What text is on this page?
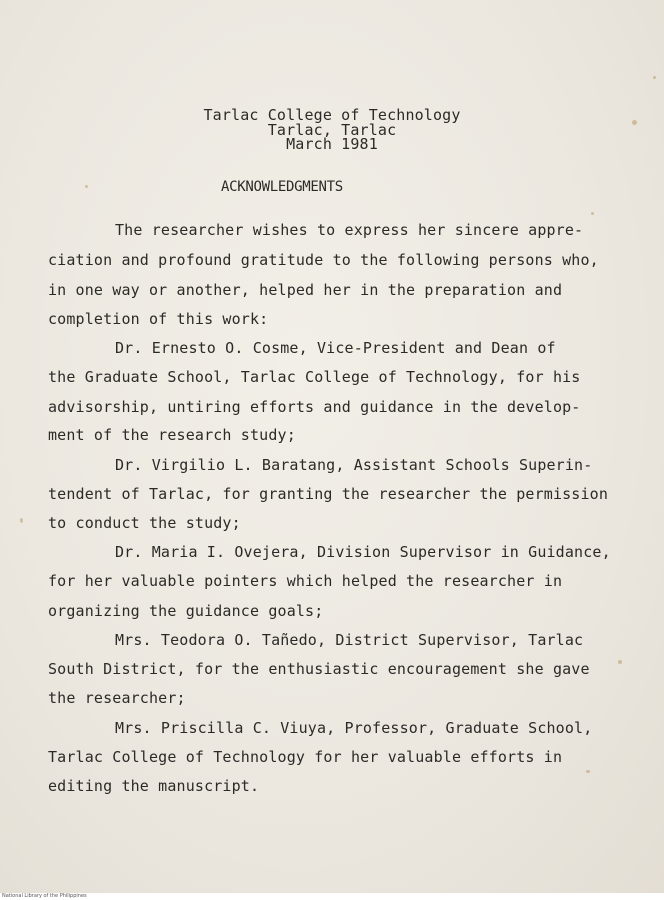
Tarlac College of Technology
Tarlac, Tarlac
March 1981
ACKNOWLEDGMENTS
The researcher wishes to express her sincere appre-
ciation and profound gratitude to the following persons who,
in one way or another, helped her in the preparation and
completion of this work:
Dr. Ernesto O. Cosme, Vice-President and Dean of
the Graduate School, Tarlac College of Technology, for his
advisorship, untiring efforts and guidance in the develop-
ment of the research study;
Dr. Virgilio L. Baratang, Assistant Schools Superin-
tendent of Tarlac, for granting the researcher the permission
to conduct the study;
Dr. Maria I. Ovejera, Division Supervisor in Guidance,
for her valuable pointers which helped the researcher in
organizing the guidance goals;
Mrs. Teodora O. Tañedo, District Supervisor, Tarlac
South District, for the enthusiastic encouragement she gave
the researcher;
Mrs. Priscilla C. Viuya, Professor, Graduate School,
Tarlac College of Technology for her valuable efforts in
editing the manuscript.
National Library of the Philippines
